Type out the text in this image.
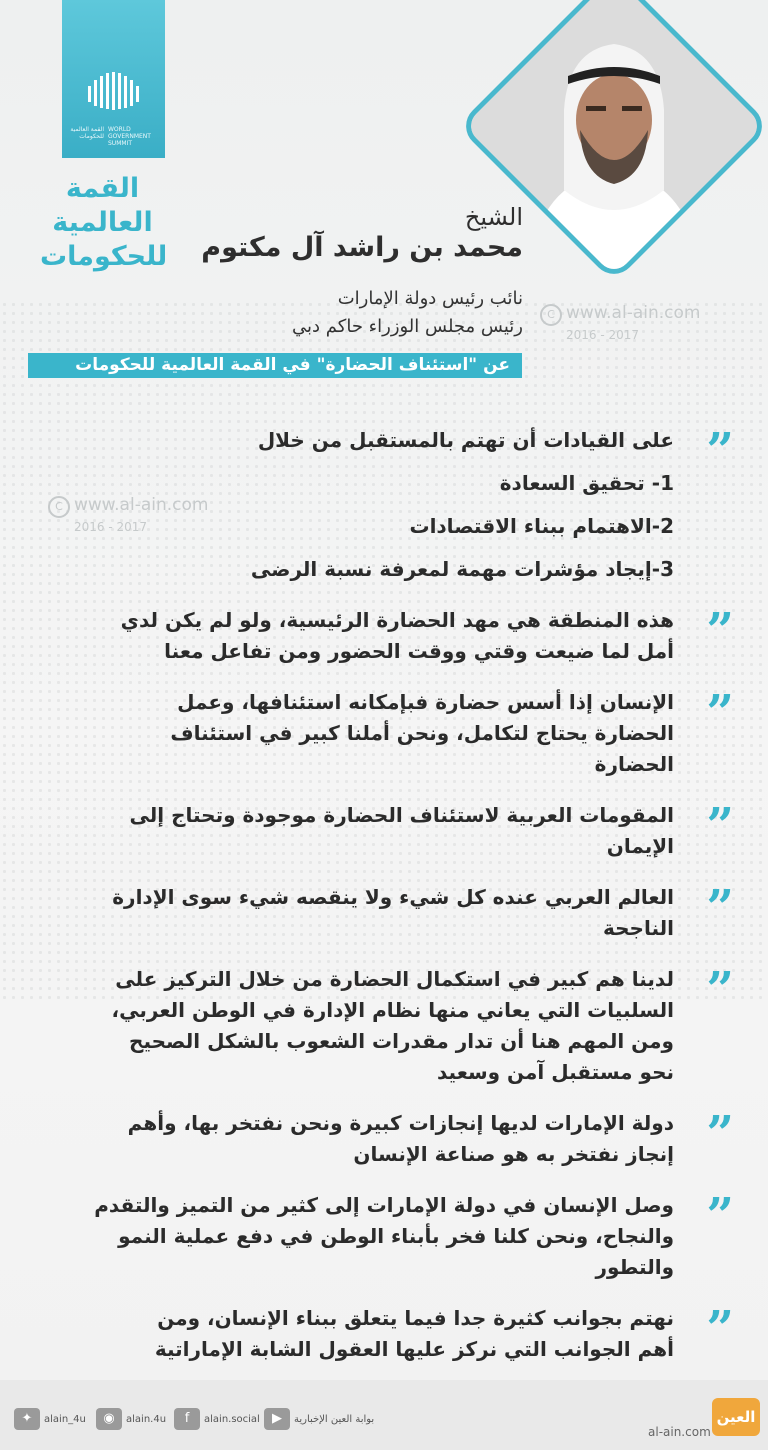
القمة العالمية للحكومات
WORLD GOVERNMENT SUMMIT
القمة
العالمية
للحكومات
الشيخ
محمد بن راشد آل مكتوم
نائب رئيس دولة الإمارات
رئيس مجلس الوزراء حاكم دبي
C www.al-ain.com
2016 - 2017
عن "استئناف الحضارة" في القمة العالمية للحكومات
C www.al-ain.com
2016 - 2017
”
على القيادات أن تهتم بالمستقبل من خلال
1- تحقيق السعادة
2-الاهتمام ببناء الاقتصادات
3-إيجاد مؤشرات مهمة لمعرفة نسبة الرضى
”
هذه المنطقة هي مهد الحضارة الرئيسية، ولو لم يكن لدي
أمل لما ضيعت وقتي ووقت الحضور ومن تفاعل معنا
”
الإنسان إذا أسس حضارة فبإمكانه استئنافها، وعمل
الحضارة يحتاج لتكامل، ونحن أملنا كبير في استئناف
الحضارة
”
المقومات العربية لاستئناف الحضارة موجودة وتحتاج إلى
الإيمان
”
العالم العربي عنده كل شيء ولا ينقصه شيء سوى الإدارة
الناجحة
”
لدينا هم كبير في استكمال الحضارة من خلال التركيز على
السلبيات التي يعاني منها نظام الإدارة في الوطن العربي،
ومن المهم هنا أن تدار مقدرات الشعوب بالشكل الصحيح
نحو مستقبل آمن وسعيد
”
دولة الإمارات لديها إنجازات كبيرة ونحن نفتخر بها، وأهم
إنجاز نفتخر به هو صناعة الإنسان
”
وصل الإنسان في دولة الإمارات إلى كثير من التميز والتقدم
والنجاح، ونحن كلنا فخر بأبناء الوطن في دفع عملية النمو
والتطور
”
نهتم بجوانب كثيرة جدا فيما يتعلق ببناء الإنسان، ومن
أهم الجوانب التي نركز عليها العقول الشابة الإماراتية
✦ alain_4u	◉ alain.4u	f alain.social ▶ بوابة العين الإخبارية
al-ain.com
العين
